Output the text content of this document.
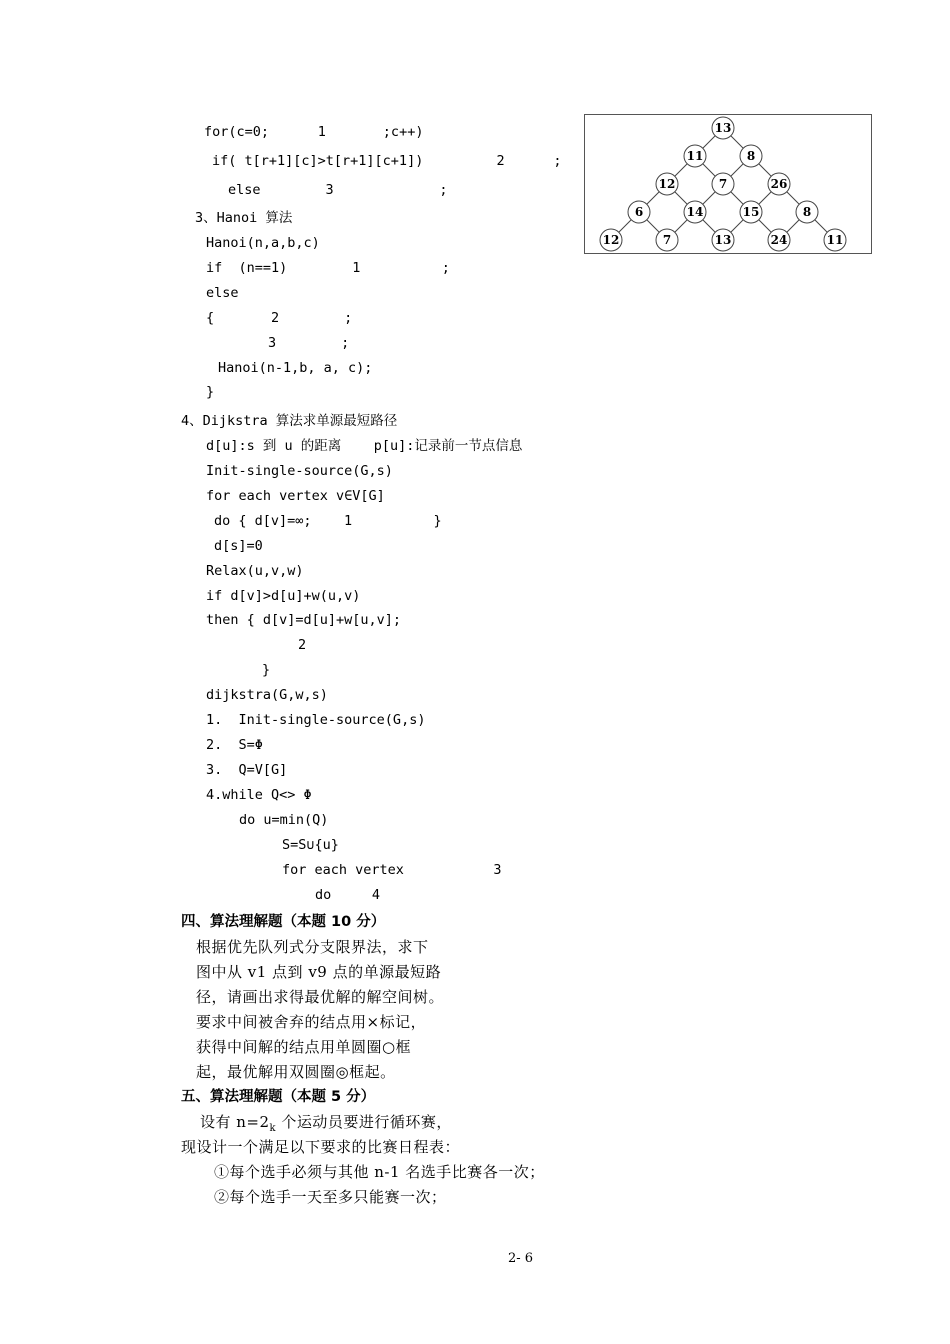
for(c=0;      1       ;c++)
if( t[r+1][c]>t[r+1][c+1])         2      ;
else        3             ;
3、Hanoi 算法
Hanoi(n,a,b,c)
if  (n==1)        1          ;
else
{       2        ;
3        ;
Hanoi(n-1,b, a, c);
}
4、Dijkstra 算法求单源最短路径
d[u]:s 到 u 的距离    p[u]:记录前一节点信息
Init-single-source(G,s)
for each vertex v∈V[G]
do { d[v]=∞;    1          }
d[s]=0
Relax(u,v,w)
if d[v]>d[u]+w(u,v)
then { d[v]=d[u]+w[u,v];
2
}
dijkstra(G,w,s)
1.  Init-single-source(G,s)
2.  S=Φ
3.  Q=V[G]
4.while Q<> Φ
do u=min(Q)
S=S∪{u}
for each vertex           3
do     4
四、算法理解题（本题 10 分）
根据优先队列式分支限界法，求下
图中从 v1 点到 v9 点的单源最短路
径，请画出求得最优解的解空间树。
要求中间被舍弃的结点用×标记，
获得中间解的结点用单圆圈○框
起，最优解用双圆圈◎框起。
五、算法理解题（本题 5 分）
设有 $n=2_k$ 个运动员要进行循环赛，
现设计一个满足以下要求的比赛日程表：
①每个选手必须与其他 n-1 名选手比赛各一次；
②每个选手一天至多只能赛一次；
13
11	8
12	7	26
6	14	15	8
12	7	13	24	11
2- 6
